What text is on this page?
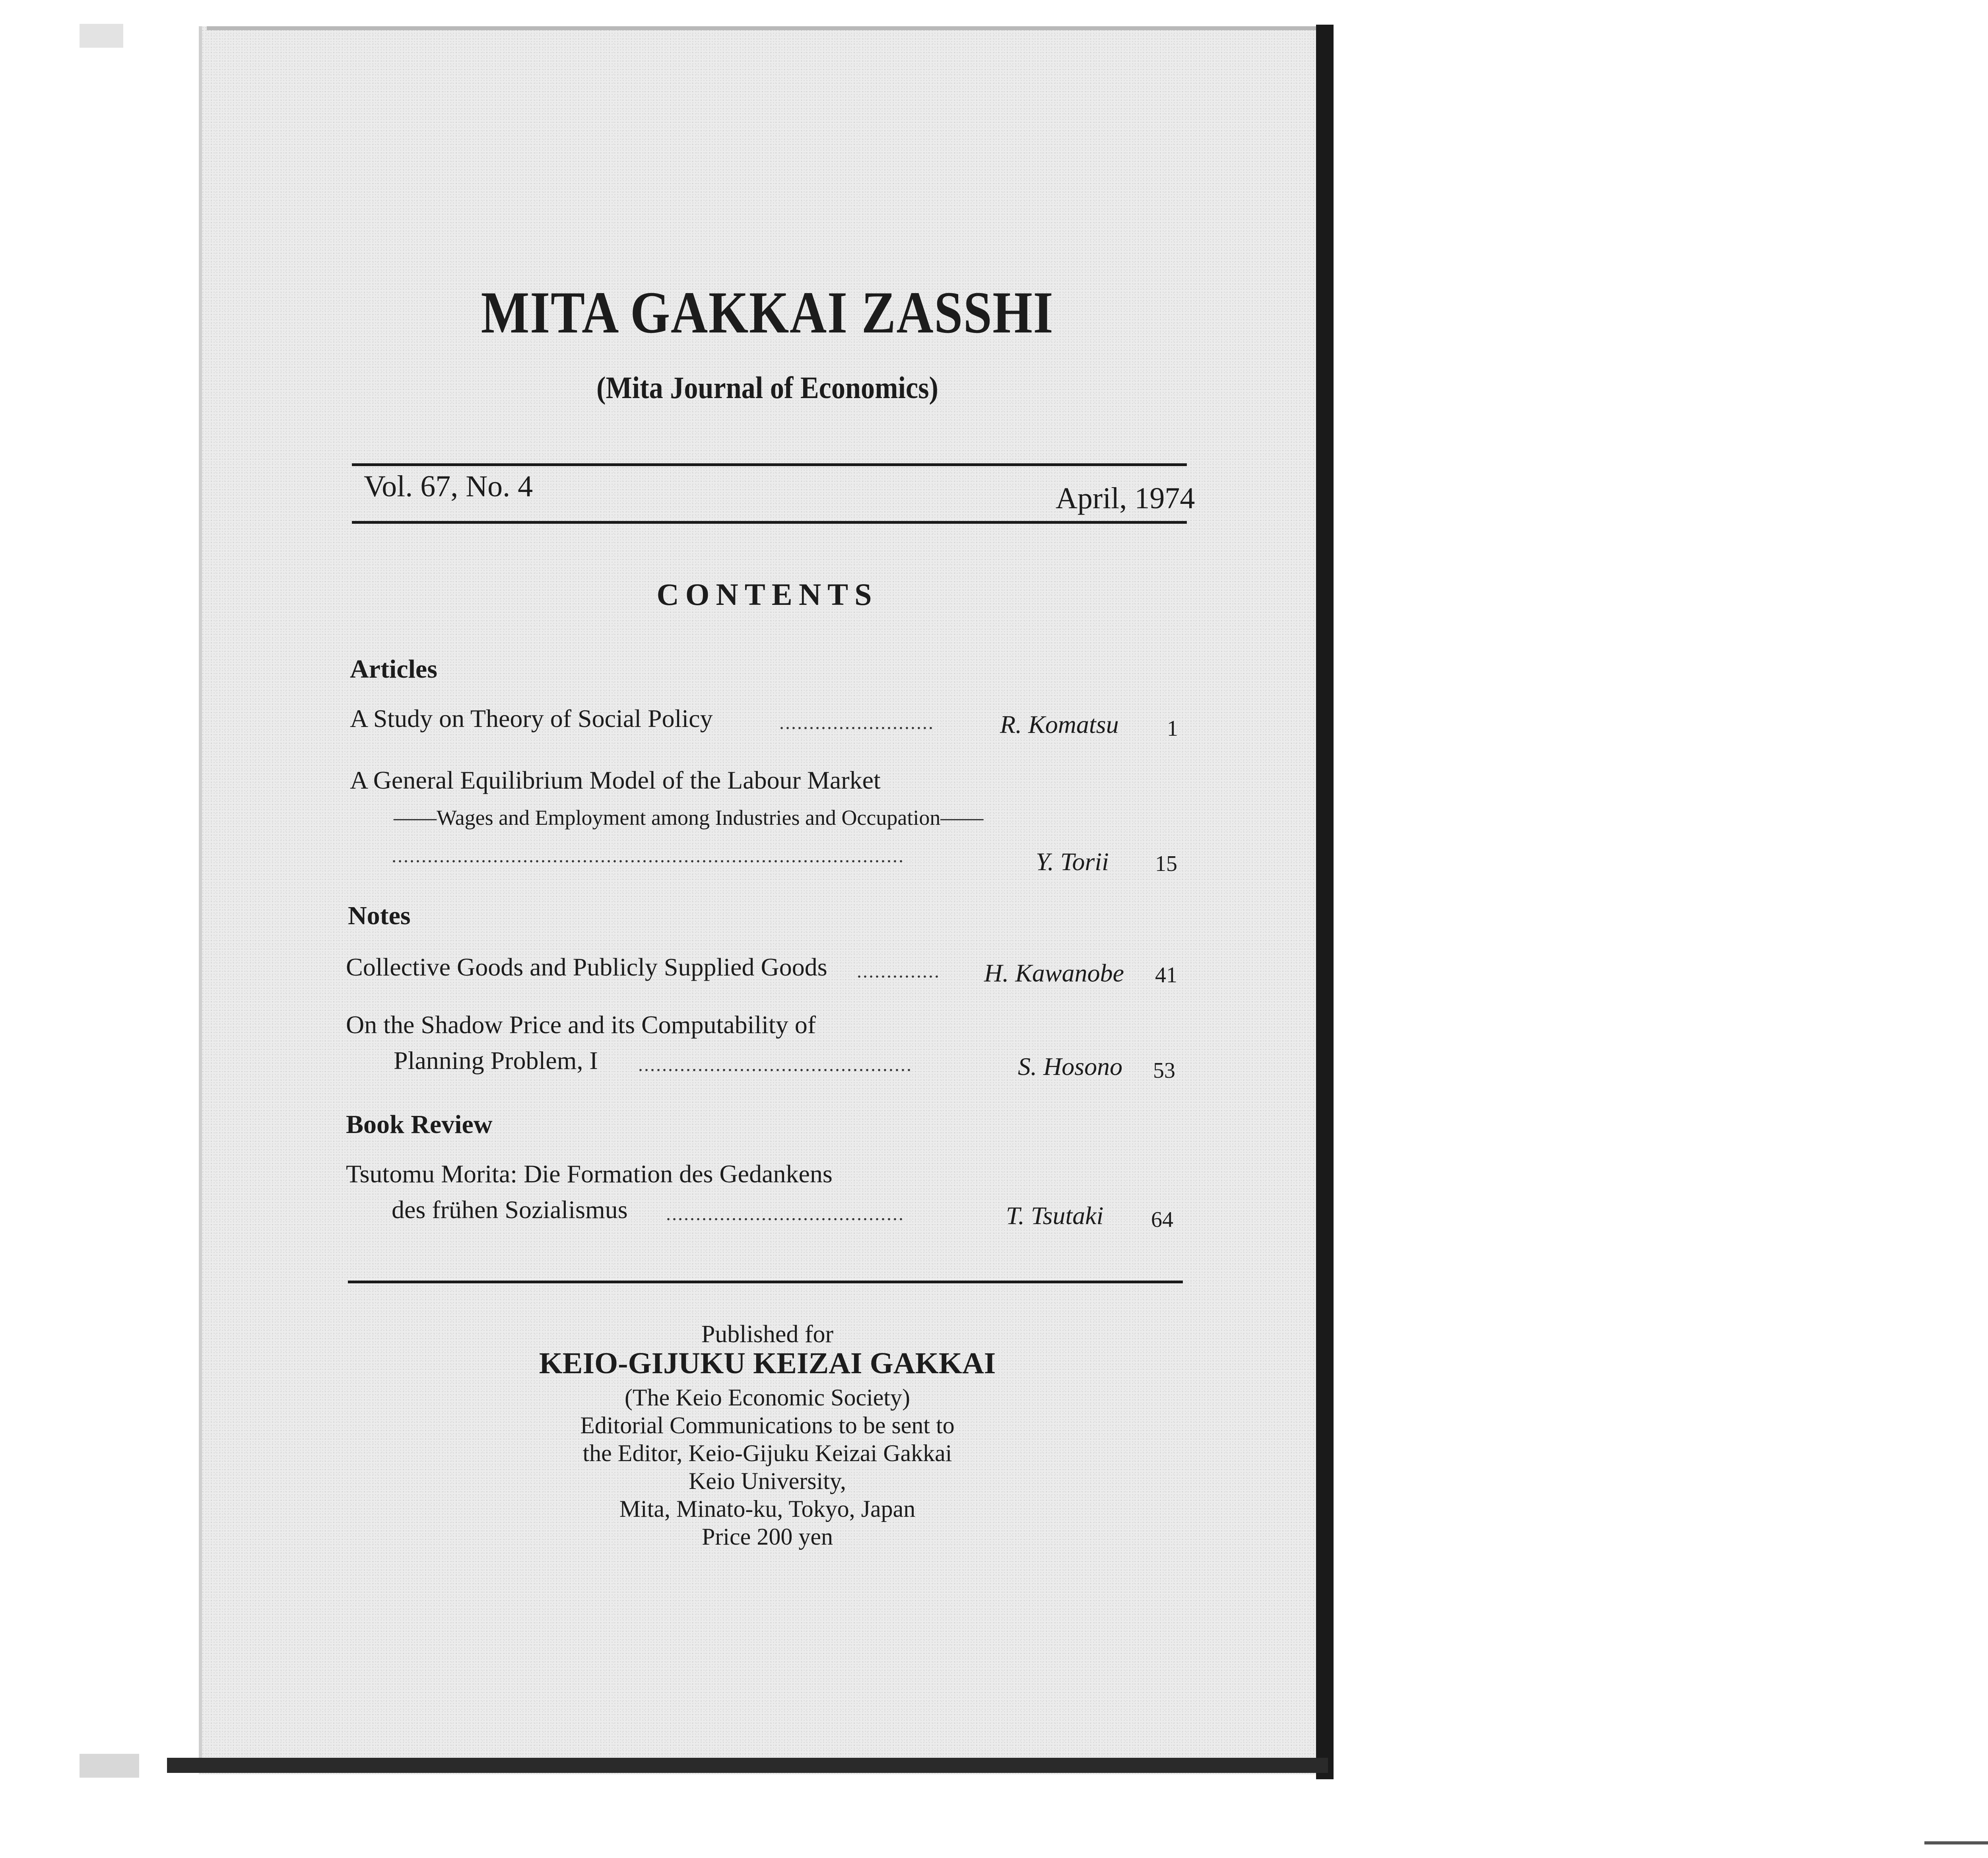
MITA GAKKAI ZASSHI
(Mita Journal of Economics)
Vol. 67, No. 4	April, 1974
CONTENTS
Articles
A Study on Theory of Social Policy	..........................	R. Komatsu 1
A General Equilibrium Model of the Labour Market
——Wages and Employment among Industries and Occupation——
......................................................................................	Y. Torii 15
Notes
Collective Goods and Publicly Supplied Goods .............. H. Kawanobe 41
On the Shadow Price and its Computability of
Planning Problem, I ..............................................	S. Hosono 53
Book Review
Tsutomu Morita: Die Formation des Gedankens
des frühen Sozialismus ........................................	T. Tsutaki 64
Published for
KEIO-GIJUKU KEIZAI GAKKAI
(The Keio Economic Society)
Editorial Communications to be sent to
the Editor, Keio-Gijuku Keizai Gakkai
Keio University,
Mita, Minato-ku, Tokyo, Japan
Price 200 yen
